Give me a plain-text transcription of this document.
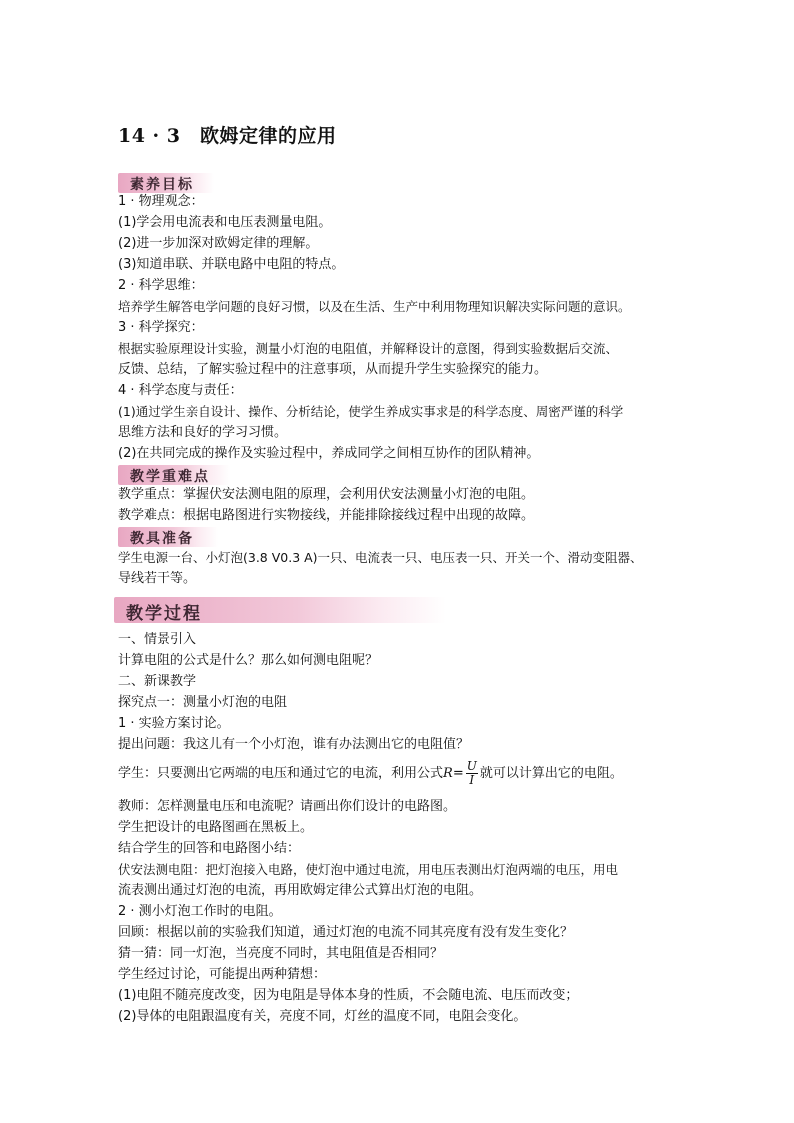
14 · 3　欧姆定律的应用
素养目标
1 · 物理观念：
(1)学会用电流表和电压表测量电阻。
(2)进一步加深对欧姆定律的理解。
(3)知道串联、并联电路中电阻的特点。
2 · 科学思维：
培养学生解答电学问题的良好习惯，以及在生活、生产中利用物理知识解决实际问题的意识。
3 · 科学探究：
根据实验原理设计实验，测量小灯泡的电阻值，并解释设计的意图，得到实验数据后交流、
反馈、总结，了解实验过程中的注意事项，从而提升学生实验探究的能力。
4 · 科学态度与责任：
(1)通过学生亲自设计、操作、分析结论，使学生养成实事求是的科学态度、周密严谨的科学
思维方法和良好的学习习惯。
(2)在共同完成的操作及实验过程中，养成同学之间相互协作的团队精神。
教学重难点
教学重点：掌握伏安法测电阻的原理，会利用伏安法测量小灯泡的电阻。
教学难点：根据电路图进行实物接线，并能排除接线过程中出现的故障。
教具准备
学生电源一台、小灯泡(3.8 V0.3 A)一只、电流表一只、电压表一只、开关一个、滑动变阻器、
导线若干等。
教学过程
一、情景引入
计算电阻的公式是什么？那么如何测电阻呢？
二、新课教学
探究点一：测量小灯泡的电阻
1 · 实验方案讨论。
提出问题：我这儿有一个小灯泡，谁有办法测出它的电阻值？
学生：只要测出它两端的电压和通过它的电流，利用公式$R= \frac{U}{I}$ 就可以计算出它的电阻。
教师：怎样测量电压和电流呢？请画出你们设计的电路图。
学生把设计的电路图画在黑板上。
结合学生的回答和电路图小结：
伏安法测电阻：把灯泡接入电路，使灯泡中通过电流，用电压表测出灯泡两端的电压，用电
流表测出通过灯泡的电流，再用欧姆定律公式算出灯泡的电阻。
2 · 测小灯泡工作时的电阻。
回顾：根据以前的实验我们知道，通过灯泡的电流不同其亮度有没有发生变化？
猜一猜：同一灯泡，当亮度不同时，其电阻值是否相同？
学生经过讨论，可能提出两种猜想：
(1)电阻不随亮度改变，因为电阻是导体本身的性质，不会随电流、电压而改变；
(2)导体的电阻跟温度有关，亮度不同，灯丝的温度不同，电阻会变化。
